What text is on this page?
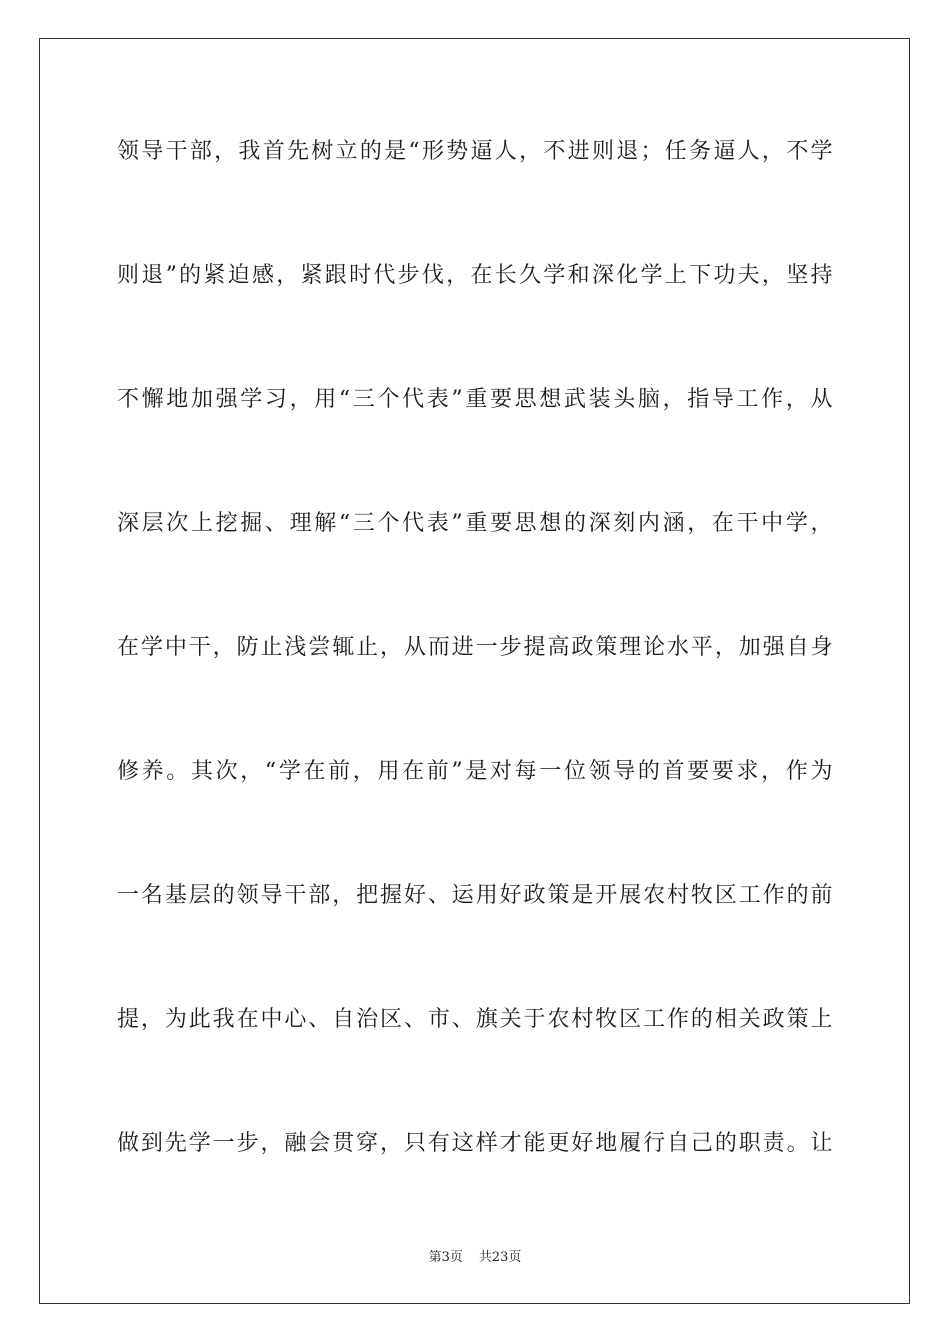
领导干部，我首先树立的是“形势逼人，不进则退；任务逼人，不学
则退”的紧迫感，紧跟时代步伐，在长久学和深化学上下功夫，坚持
不懈地加强学习，用“三个代表”重要思想武装头脑，指导工作，从
深层次上挖掘、理解“三个代表”重要思想的深刻内涵，在干中学，
在学中干，防止浅尝辄止，从而进一步提高政策理论水平，加强自身
修养。其次，“学在前，用在前”是对每一位领导的首要要求，作为
一名基层的领导干部，把握好、运用好政策是开展农村牧区工作的前
提，为此我在中心、自治区、市、旗关于农村牧区工作的相关政策上
做到先学一步，融会贯穿，只有这样才能更好地履行自己的职责。让
第3页 共23页
